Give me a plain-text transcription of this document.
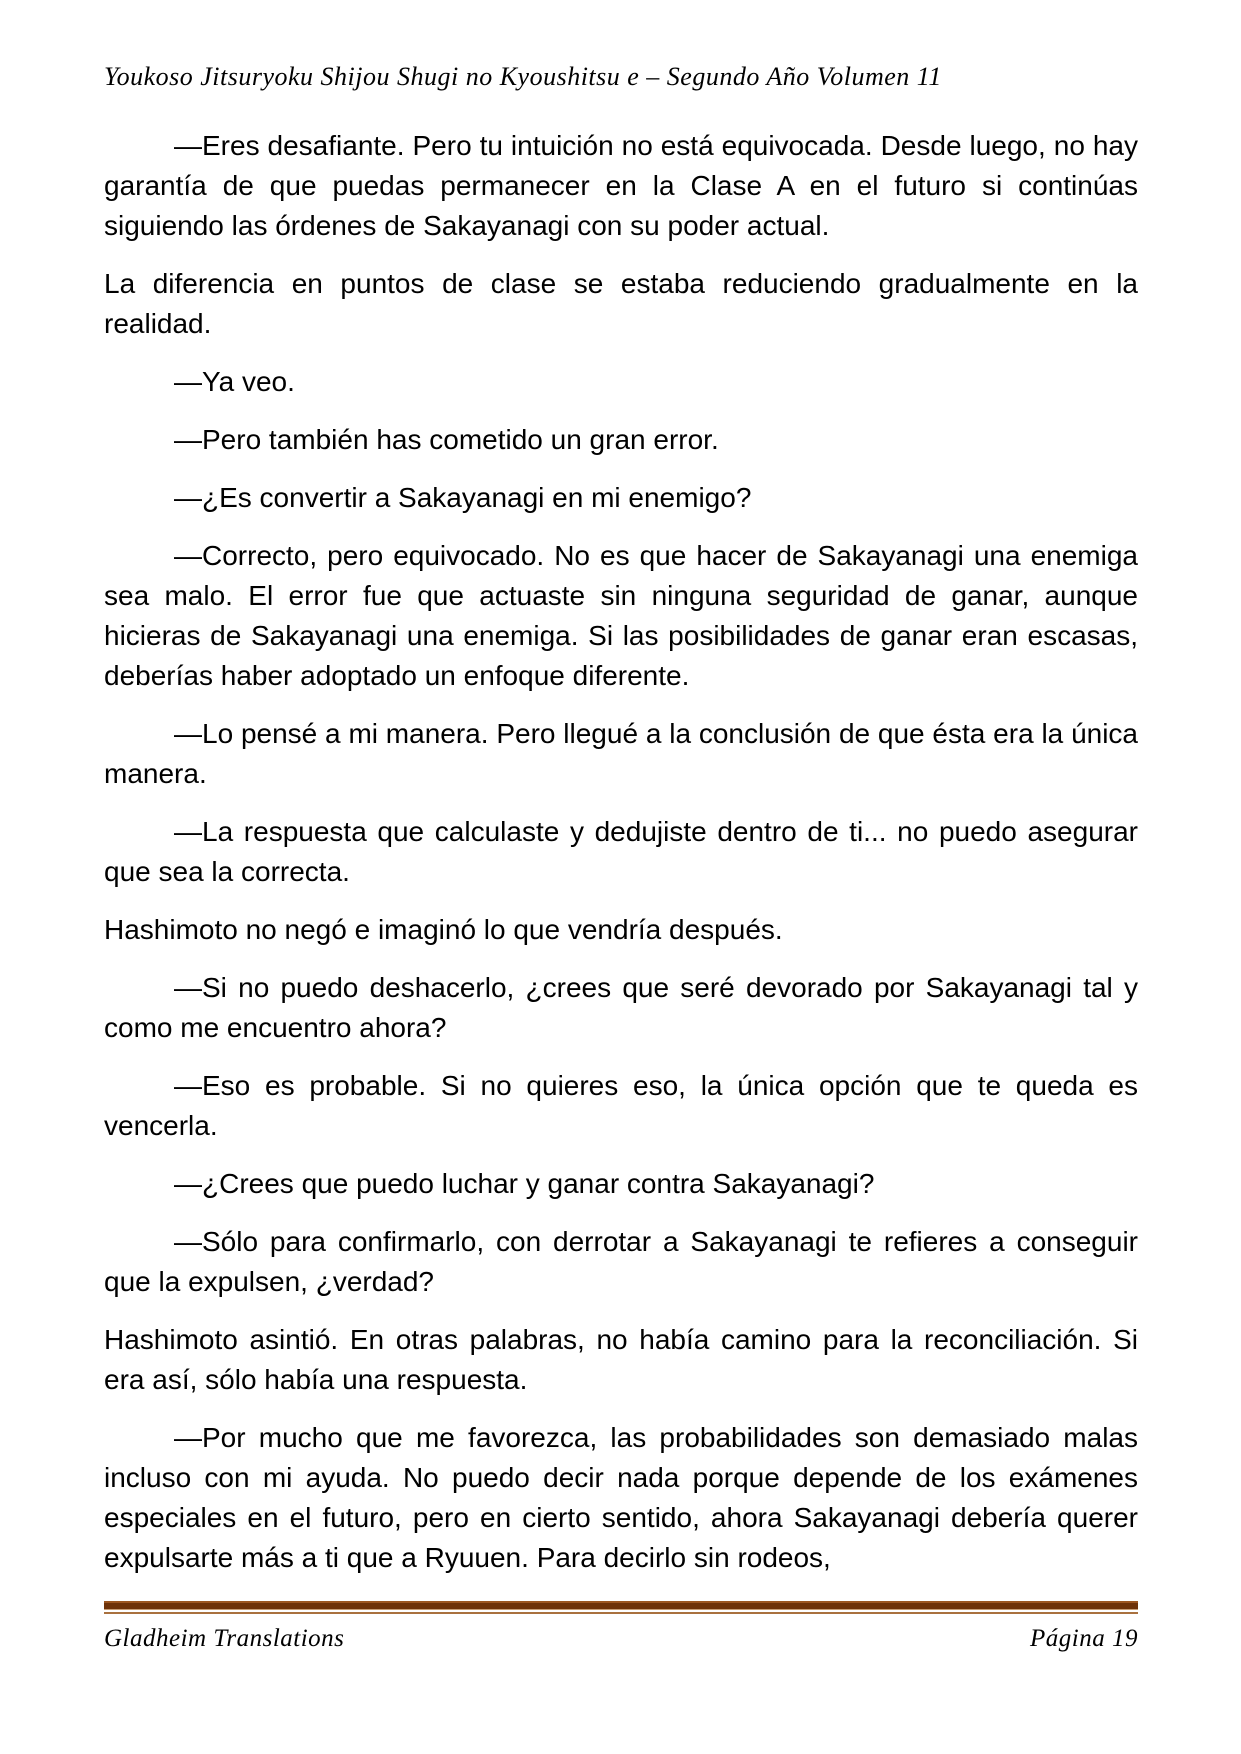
Youkoso Jitsuryoku Shijou Shugi no Kyoushitsu e – Segundo Año Volumen 11

—Eres desafiante. Pero tu intuición no está equivocada. Desde luego, no hay garantía de que puedas permanecer en la Clase A en el futuro si continúas siguiendo las órdenes de Sakayanagi con su poder actual.

La diferencia en puntos de clase se estaba reduciendo gradualmente en la realidad.

—Ya veo.

—Pero también has cometido un gran error.

—¿Es convertir a Sakayanagi en mi enemigo?

—Correcto, pero equivocado. No es que hacer de Sakayanagi una enemiga sea malo. El error fue que actuaste sin ninguna seguridad de ganar, aunque hicieras de Sakayanagi una enemiga. Si las posibilidades de ganar eran escasas, deberías haber adoptado un enfoque diferente.

—Lo pensé a mi manera. Pero llegué a la conclusión de que ésta era la única manera.

—La respuesta que calculaste y dedujiste dentro de ti... no puedo asegurar que sea la correcta.

Hashimoto no negó e imaginó lo que vendría después.

—Si no puedo deshacerlo, ¿crees que seré devorado por Sakayanagi tal y como me encuentro ahora?

—Eso es probable. Si no quieres eso, la única opción que te queda es vencerla.

—¿Crees que puedo luchar y ganar contra Sakayanagi?

—Sólo para confirmarlo, con derrotar a Sakayanagi te refieres a conseguir que la expulsen, ¿verdad?

Hashimoto asintió. En otras palabras, no había camino para la reconciliación. Si era así, sólo había una respuesta.

—Por mucho que me favorezca, las probabilidades son demasiado malas incluso con mi ayuda. No puedo decir nada porque depende de los exámenes especiales en el futuro, pero en cierto sentido, ahora Sakayanagi debería querer expulsarte más a ti que a Ryuuen. Para decirlo sin rodeos,

Gladheim Translations	Página 19
